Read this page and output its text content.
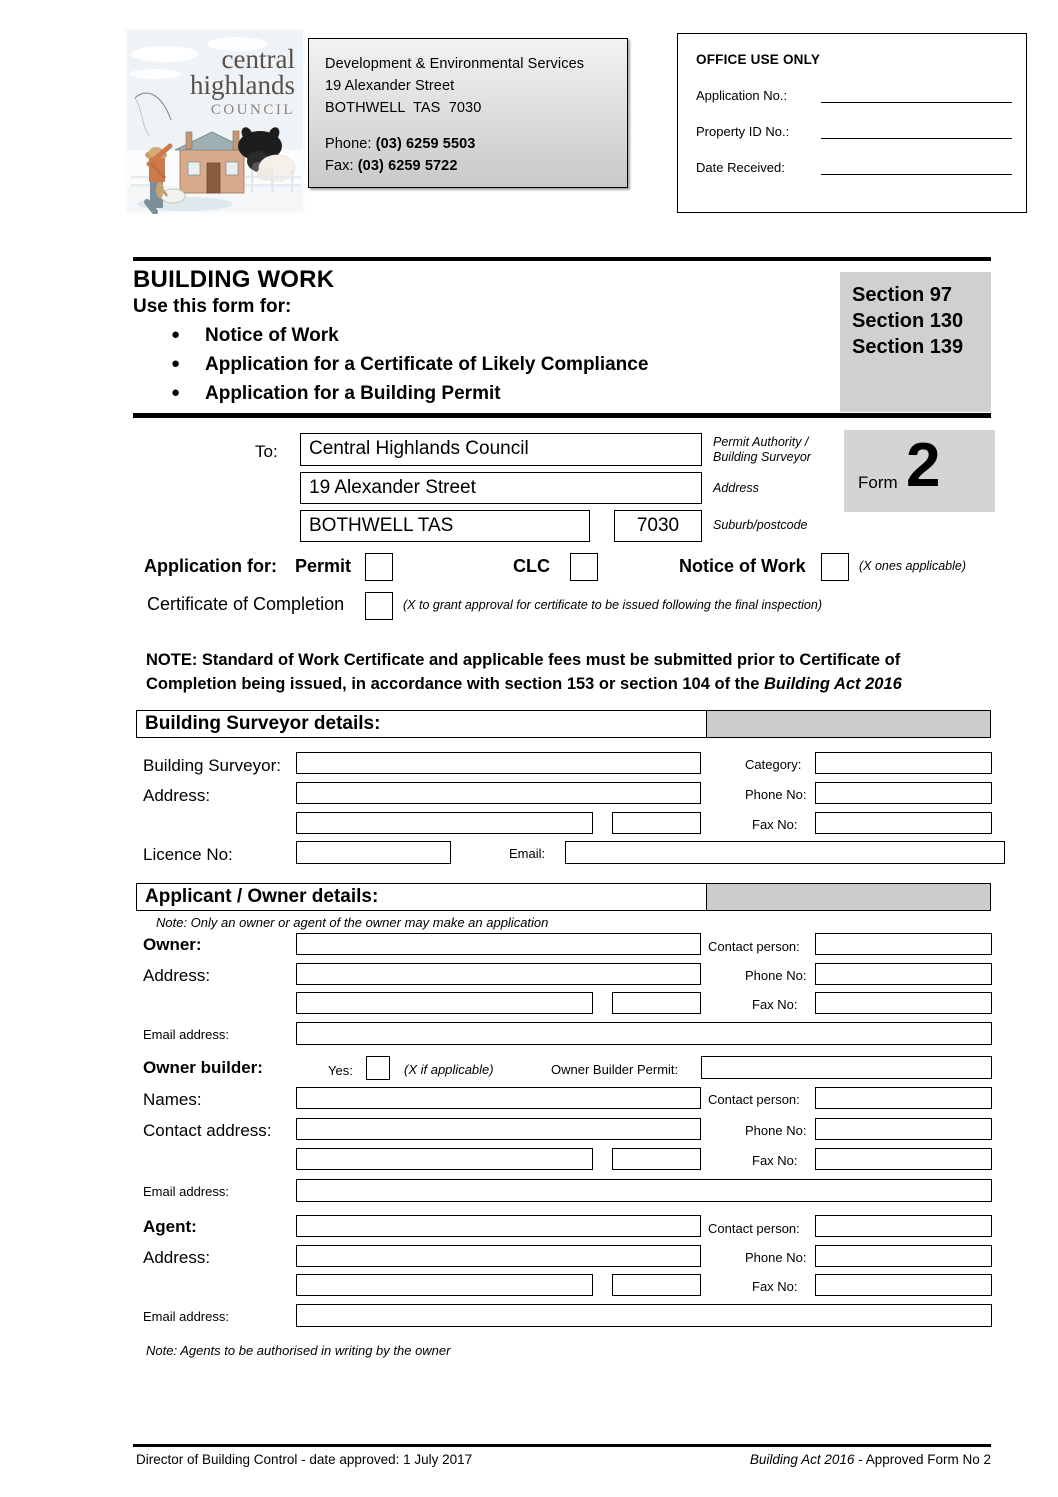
central
highlands
COUNCIL
Development & Environmental Services
19 Alexander Street
BOTHWELL  TAS  7030
Phone: (03) 6259 5503
Fax: (03) 6259 5722
OFFICE USE ONLY
Application No.:
Property ID No.:
Date Received:
BUILDING WORK
Use this form for:
● Notice of Work
● Application for a Certificate of Likely Compliance
● Application for a Building Permit
Section 97
Section 130
Section 139
To:	Central Highlands Council
19 Alexander Street
BOTHWELL TAS	7030
Permit Authority /
Building Surveyor
Address
Suburb/postcode
Form 2
Application for: Permit	CLC	Notice of Work	(X ones applicable)
Certificate of Completion	(X to grant approval for certificate to be issued following the final inspection)
NOTE: Standard of Work Certificate and applicable fees must be submitted prior to Certificate of Completion being issued, in accordance with section 153 or section 104 of the Building Act 2016
Building Surveyor details:
Building Surveyor:	Category:
Address:	Phone No:
Fax No:
Licence No:	Email:
Applicant / Owner details:
Note: Only an owner or agent of the owner may make an application
Owner:	Contact person:
Address:	Phone No:
Fax No:
Email address:
Owner builder:	Yes:	(X if applicable)	Owner Builder Permit:
Names:	Contact person:
Contact address:	Phone No:
Fax No:
Email address:
Agent:	Contact person:
Address:	Phone No:
Fax No:
Email address:
Note: Agents to be authorised in writing by the owner
Director of Building Control - date approved: 1 July 2017	Building Act 2016 - Approved Form No 2
